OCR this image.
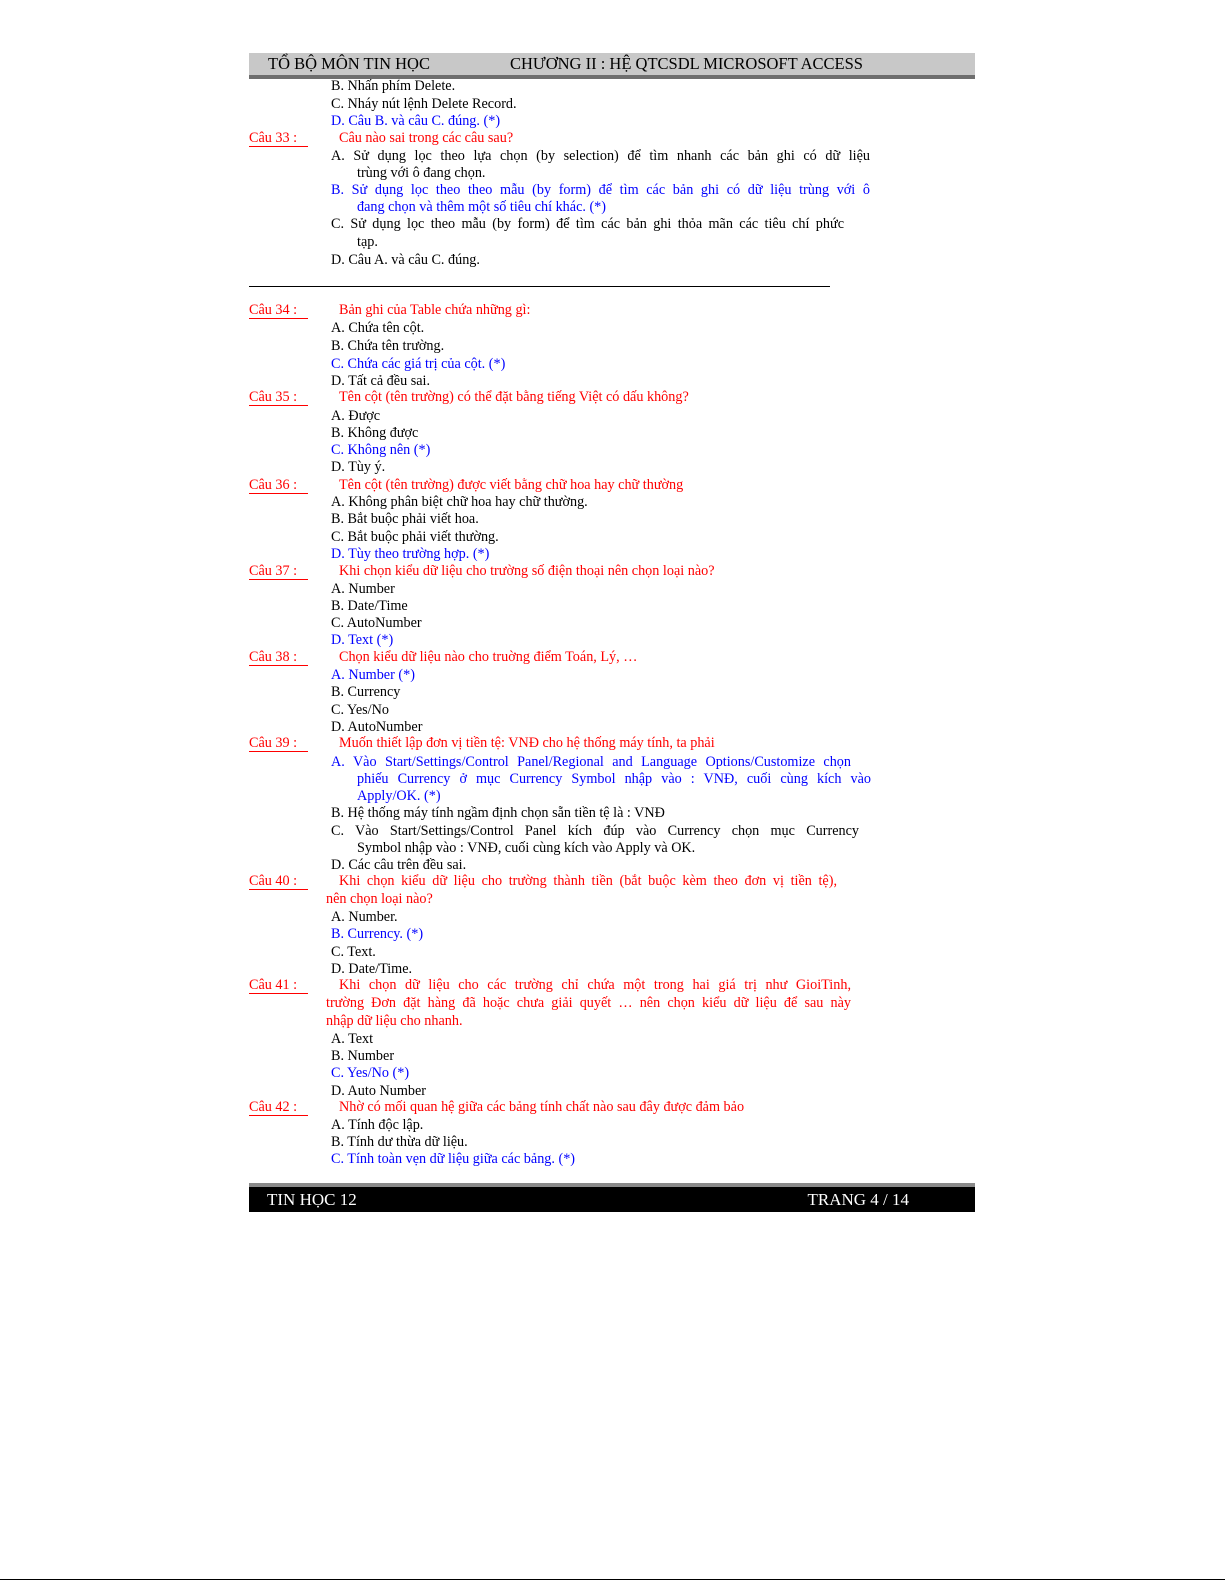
TỔ BỘ MÔN TIN HỌC	CHƯƠNG II : HỆ QTCSDL MICROSOFT ACCESS
B. Nhấn phím Delete.
C. Nháy nút lệnh Delete Record.
D. Câu B. và câu C. đúng. (*)
Câu 33 :	Câu nào sai trong các câu sau?
A. Sử dụng lọc theo lựa chọn (by selection) để tìm nhanh các bản ghi có dữ liệu
trùng với ô đang chọn.
B. Sử dụng lọc theo theo mẫu (by form) để tìm các bản ghi có dữ liệu trùng với ô
đang chọn và thêm một số tiêu chí khác. (*)
C. Sử dụng lọc theo mẫu (by form) để tìm các bản ghi thỏa mãn các tiêu chí phức
tạp.
D. Câu A. và câu C. đúng.
Câu 34 :	Bản ghi của Table chứa những gì:
A. Chứa tên cột.
B. Chứa tên trường.
C. Chứa các giá trị của cột. (*)
D. Tất cả đều sai.
Câu 35 :	Tên cột (tên trường) có thể đặt bằng tiếng Việt có dấu không?
A. Được
B. Không được
C. Không nên (*)
D. Tùy ý.
Câu 36 :	Tên cột (tên trường) được viết bằng chữ hoa hay chữ thường
A. Không phân biệt chữ hoa hay chữ thường.
B. Bắt buộc phải viết hoa.
C. Bắt buộc phải viết thường.
D. Tùy theo trường hợp. (*)
Câu 37 :	Khi chọn kiểu dữ liệu cho trường số điện thoại nên chọn loại nào?
A. Number
B. Date/Time
C. AutoNumber
D. Text (*)
Câu 38 :	Chọn kiểu dữ liệu nào cho truờng điểm Toán, Lý, …
A. Number (*)
B. Currency
C. Yes/No
D. AutoNumber
Câu 39 :	Muốn thiết lập đơn vị tiền tệ: VNĐ cho hệ thống máy tính, ta phải
A. Vào Start/Settings/Control Panel/Regional and Language Options/Customize chọn
phiếu Currency ở mục Currency Symbol nhập vào : VNĐ, cuối cùng kích vào
Apply/OK. (*)
B. Hệ thống máy tính ngầm định chọn sẵn tiền tệ là : VNĐ
C. Vào Start/Settings/Control Panel kích đúp vào Currency chọn mục Currency
Symbol nhập vào : VNĐ, cuối cùng kích vào Apply và OK.
D. Các câu trên đều sai.
Câu 40 :	Khi chọn kiểu dữ liệu cho trường thành tiền (bắt buộc kèm theo đơn vị tiền tệ),
nên chọn loại nào?
A. Number.
B. Currency. (*)
C. Text.
D. Date/Time.
Câu 41 :	Khi chọn dữ liệu cho các trường chỉ chứa một trong hai giá trị như GioiTinh,
trường Đơn đặt hàng đã hoặc chưa giải quyết … nên chọn kiểu dữ liệu để sau này
nhập dữ liệu cho nhanh.
A. Text
B. Number
C. Yes/No (*)
D. Auto Number
Câu 42 :	Nhờ có mối quan hệ giữa các bảng tính chất nào sau đây được đảm bảo
A. Tính độc lập.
B. Tính dư thừa dữ liệu.
C. Tính toàn vẹn dữ liệu giữa các bảng. (*)
TIN HỌC 12	TRANG 4 / 14
